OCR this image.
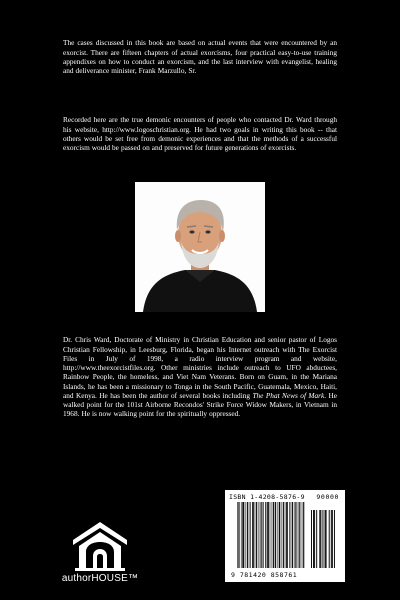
The cases discussed in this book are based on actual events that were encountered by an exorcist. There are fifteen chapters of actual exorcisms, four practical easy-to-use training appendixes on how to conduct an exorcism, and the last interview with evangelist, healing and deliverance minister, Frank Marzullo, Sr.

Recorded here are the true demonic encounters of people who contacted Dr. Ward through his website, http://www.logoschristian.org. He had two goals in writing this book -- that others would be set free from demonic experiences and that the methods of a successful exorcism would be passed on and preserved for future generations of exorcists.

Dr. Chris Ward, Doctorate of Ministry in Christian Education and senior pastor of Logos Christian Fellowship, in Leesburg, Florida, began his Internet outreach with The Exorcist Files in July of 1998, a radio interview program and website, http://www.theexorcistfiles.org. Other ministries include outreach to UFO abductees, Rainbow People, the homeless, and Viet Nam Veterans. Born on Guam, in the Mariana Islands, he has been a missionary to Tonga in the South Pacific, Guatemala, Mexico, Haiti, and Kenya. He has been the author of several books including The Phat News of Mark. He walked point for the 101st Airborne Recondos' Strike Force Widow Makers, in Vietnam in 1968. He is now walking point for the spiritually oppressed.

authorHOUSE™
ISBN 1-4208-5876-9 90000
9 781420 858761
